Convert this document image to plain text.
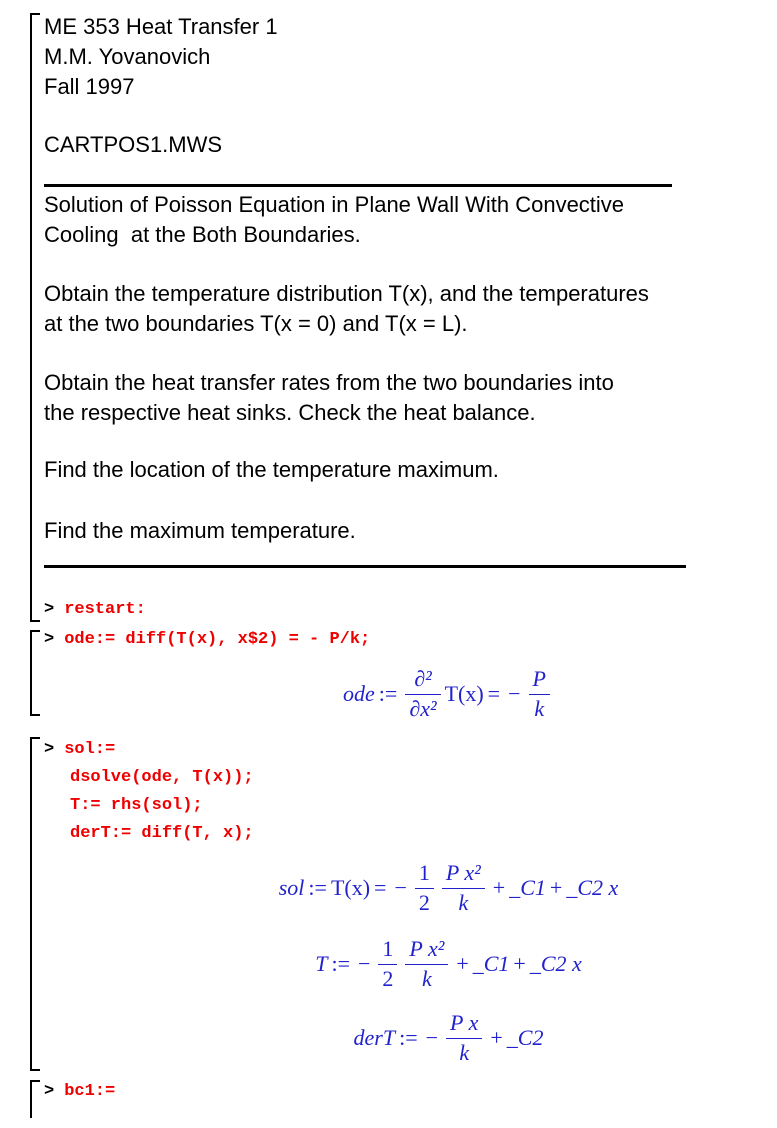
ME 353 Heat Transfer 1
M.M. Yovanovich
Fall 1997
CARTPOS1.MWS
Solution of Poisson Equation in Plane Wall With Convective
Cooling  at the Both Boundaries.
Obtain the temperature distribution T(x), and the temperatures
at the two boundaries T(x = 0) and T(x = L).
Obtain the heat transfer rates from the two boundaries into
the respective heat sinks. Check the heat balance.
Find the location of the temperature maximum.
Find the maximum temperature.
> restart:
> ode:= diff(T(x), x$2) = - P/k;
ode := $\frac{\text{∂²}}{\text{∂x²}} T(x)$ = − $\frac{P}{k}$
> sol:=
dsolve(ode, T(x));
T:= rhs(sol);
derT:= diff(T, x);
sol := T(x) = − $\frac{1}{2} \frac{\text{P x²}}{k}$ + _C1 + _C2 x
T := − $\frac{1}{2} \frac{\text{P x²}}{k}$ + _C1 + _C2 x
derT := − $\frac{\text{P x}}{k}$ + _C2
> bc1:=
